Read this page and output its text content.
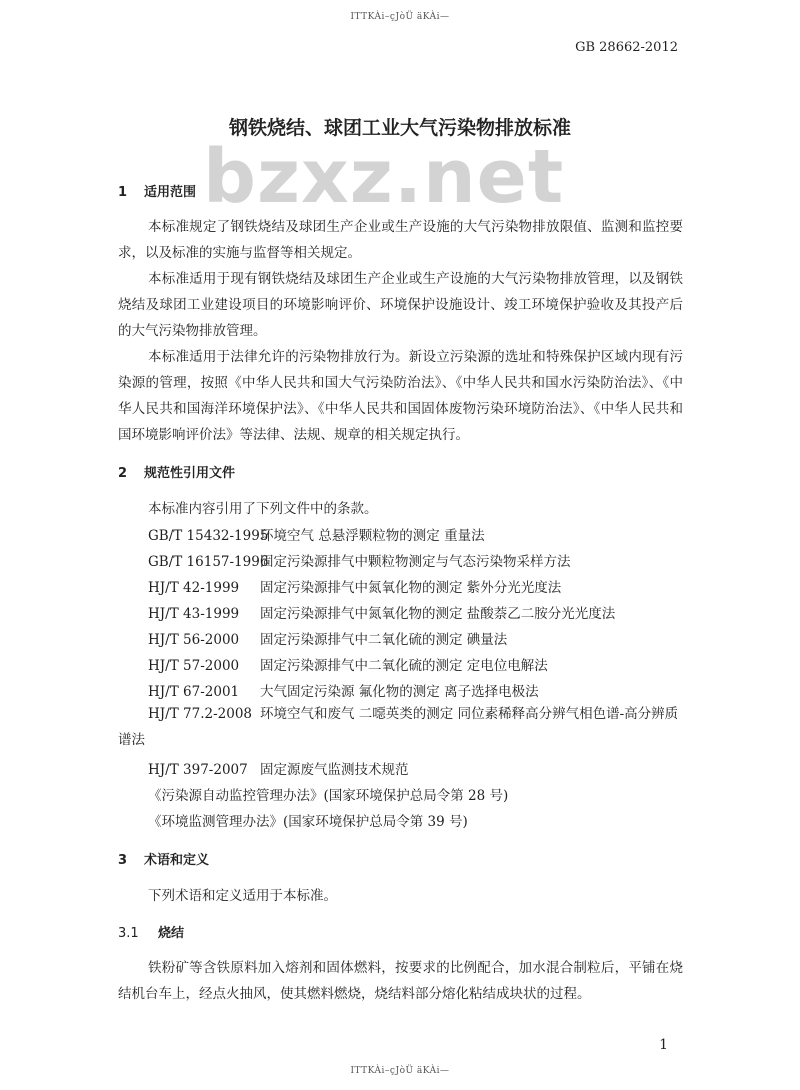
ITTKÀi–çJòÜ äKÀi—
GB 28662-2012
钢铁烧结、球团工业大气污染物排放标准
bzxz.net
1 适用范围
本标准规定了钢铁烧结及球团生产企业或生产设施的大气污染物排放限值、监测和监控要求，以及标准的实施与监督等相关规定。
本标准适用于现有钢铁烧结及球团生产企业或生产设施的大气污染物排放管理，以及钢铁烧结及球团工业建设项目的环境影响评价、环境保护设施设计、竣工环境保护验收及其投产后的大气污染物排放管理。
本标准适用于法律允许的污染物排放行为。新设立污染源的选址和特殊保护区域内现有污染源的管理，按照《中华人民共和国大气污染防治法》、《中华人民共和国水污染防治法》、《中华人民共和国海洋环境保护法》、《中华人民共和国固体废物污染环境防治法》、《中华人民共和国环境影响评价法》等法律、法规、规章的相关规定执行。
2 规范性引用文件
本标准内容引用了下列文件中的条款。
GB/T 15432-1995环境空气 总悬浮颗粒物的测定 重量法
GB/T 16157-1996固定污染源排气中颗粒物测定与气态污染物采样方法
HJ/T 42-1999 固定污染源排气中氮氧化物的测定 紫外分光光度法
HJ/T 43-1999 固定污染源排气中氮氧化物的测定 盐酸萘乙二胺分光光度法
HJ/T 56-2000 固定污染源排气中二氧化硫的测定 碘量法
HJ/T 57-2000 固定污染源排气中二氧化硫的测定 定电位电解法
HJ/T 67-2001 大气固定污染源 氟化物的测定 离子选择电极法
HJ/T 77.2-2008 环境空气和废气 二噁英类的测定 同位素稀释高分辨气相色谱-高分辨质谱法
HJ/T 397-2007 固定源废气监测技术规范
《污染源自动监控管理办法》(国家环境保护总局令第 28 号)
《环境监测管理办法》(国家环境保护总局令第 39 号)
3 术语和定义
下列术语和定义适用于本标准。
3.1 烧结
铁粉矿等含铁原料加入熔剂和固体燃料，按要求的比例配合，加水混合制粒后，平铺在烧结机台车上，经点火抽风，使其燃料燃烧，烧结料部分熔化粘结成块状的过程。
1
ITTKÀi–çJòÜ äKÀi—
